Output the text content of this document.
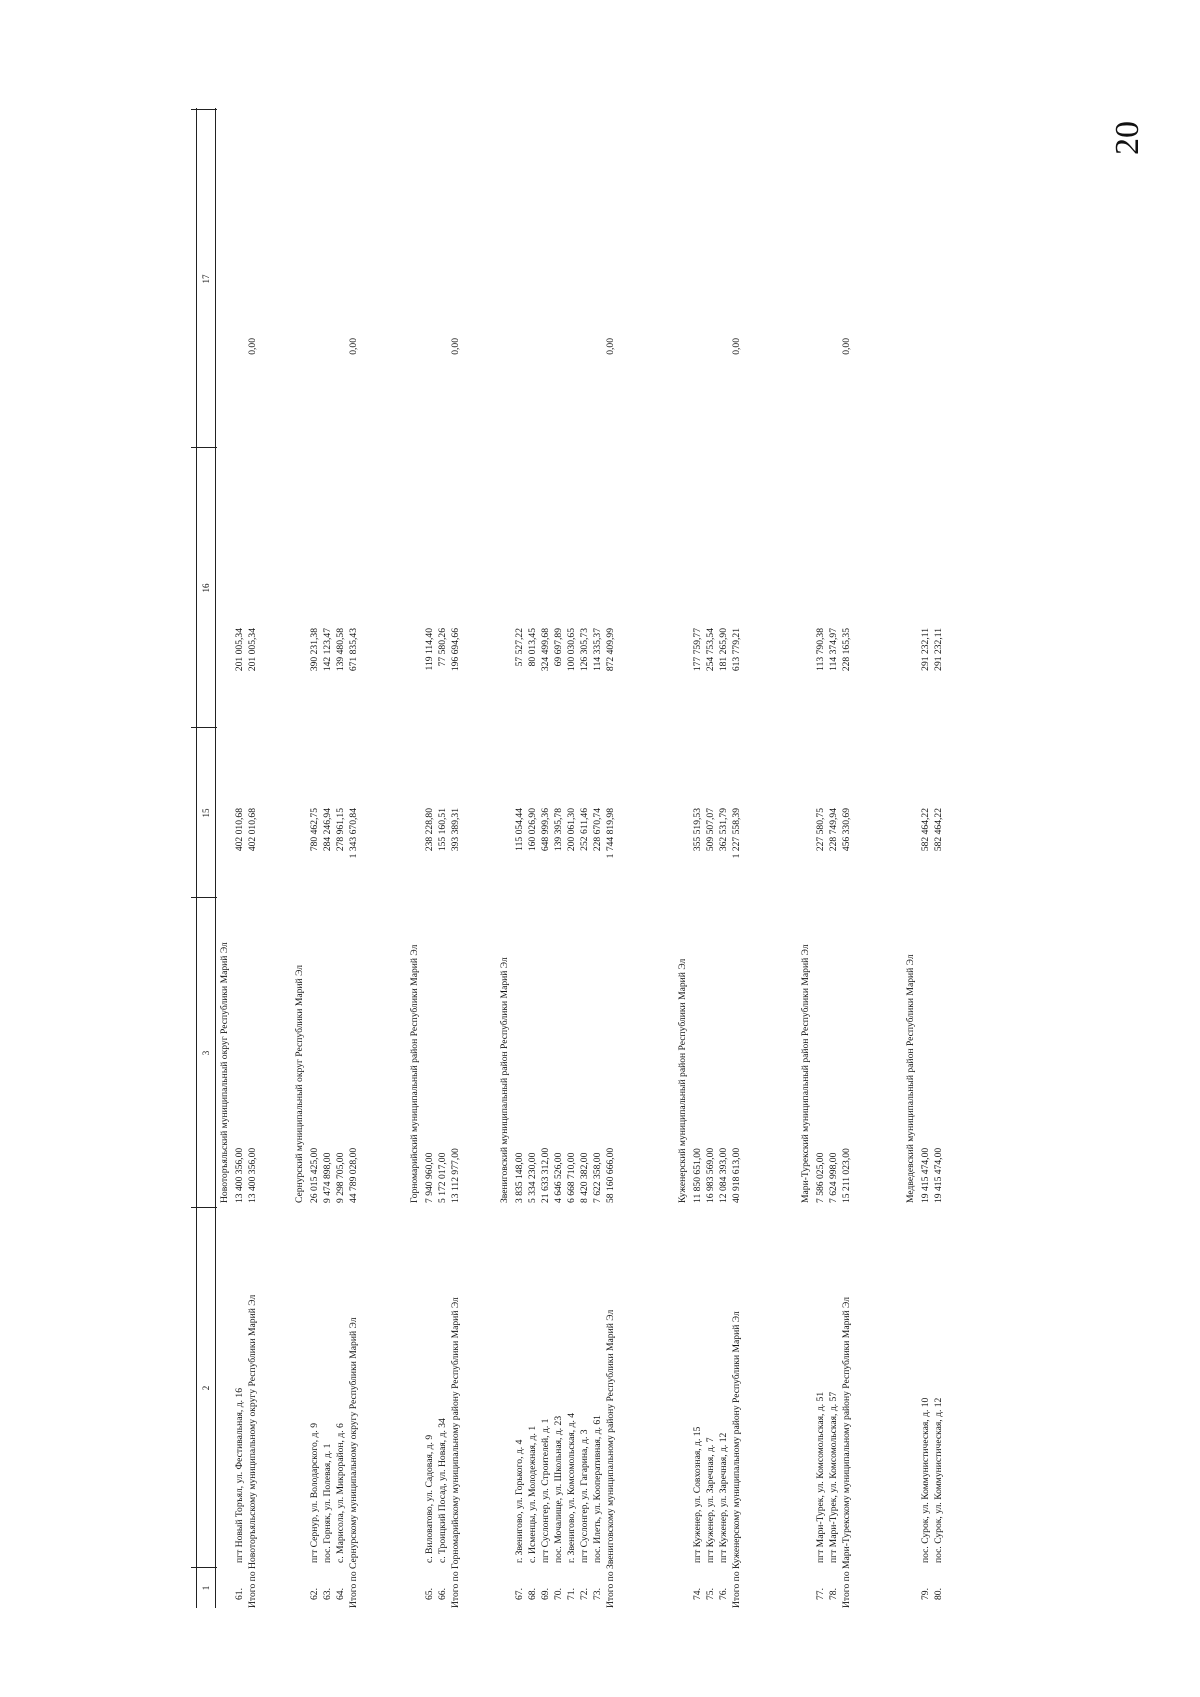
20
1
2
3
15
16
17
Новоторъяльский муниципальный округ Республики Марий Эл
61.
пгт Новый Торъял, ул. Фестивальная, д. 16
13 400 356,00
402 010,68
201 005,34
Итого по Новоторъяльскому муниципальному округу Республики Марий Эл
13 400 356,00
402 010,68
201 005,34
0,00
Сернурский муниципальный округ Республики Марий Эл
62.
пгт Сернур, ул. Володарского, д. 9
26 015 425,00
780 462,75
390 231,38
63.
пос. Горняк, ул. Полевая, д. 1
9 474 898,00
284 246,94
142 123,47
64.
с. Марисола, ул. Микрорайон, д. 6
9 298 705,00
278 961,15
139 480,58
Итого по Сернурскому муниципальному округу Республики Марий Эл
44 789 028,00
1 343 670,84
671 835,43
0,00
Горномарийский муниципальный район Республики Марий Эл
65.
с. Виловатово, ул. Садовая, д. 9
7 940 960,00
238 228,80
119 114,40
66.
с. Троицкий Посад, ул. Новая, д. 34
5 172 017,00
155 160,51
77 580,26
Итого по Горномарийскому муниципальному району Республики Марий Эл
13 112 977,00
393 389,31
196 694,66
0,00
Звениговский муниципальный район Республики Марий Эл
67.
г. Звенигово, ул. Горького, д. 4
3 835 148,00
115 054,44
57 527,22
68.
с. Исменцы, ул. Молодежная, д. 1
5 334 230,00
160 026,90
80 013,45
69.
пгт Суслонгер, ул. Строителей, д. 1
21 633 312,00
648 999,36
324 499,68
70.
пос. Мочалище, ул. Школьная, д. 23
4 646 526,00
139 395,78
69 697,89
71.
г. Звенигово, ул. Комсомольская, д. 4
6 668 710,00
200 061,30
100 030,65
72.
пгт Суслонгер, ул. Гагарина, д. 3
8 420 382,00
252 611,46
126 305,73
73.
пос. Илеть, ул. Кооперативная, д. 61
7 622 358,00
228 670,74
114 335,37
Итого по Звениговскому муниципальному району Республики Марий Эл
58 160 666,00
1 744 819,98
872 409,99
0,00
Куженерский муниципальный район Республики Марий Эл
74.
пгт Куженер, ул. Совхозная, д. 15
11 850 651,00
355 519,53
177 759,77
75.
пгт Куженер, ул. Заречная, д. 7
16 983 569,00
509 507,07
254 753,54
76.
пгт Куженер, ул. Заречная, д. 12
12 084 393,00
362 531,79
181 265,90
Итого по Куженерскому муниципальному району Республики Марий Эл
40 918 613,00
1 227 558,39
613 779,21
0,00
Мари-Турекский муниципальный район Республики Марий Эл
77.
пгт Мари-Турек, ул. Комсомольская, д. 51
7 586 025,00
227 580,75
113 790,38
78.
пгт Мари-Турек, ул. Комсомольская, д. 57
7 624 998,00
228 749,94
114 374,97
Итого по Мари-Турекскому муниципальному району Республики Марий Эл
15 211 023,00
456 330,69
228 165,35
0,00
Медведевский муниципальный район Республики Марий Эл
79.
пос. Сурок, ул. Коммунистическая, д. 10
19 415 474,00
582 464,22
291 232,11
80.
пос. Сурок, ул. Коммунистическая, д. 12
19 415 474,00
582 464,22
291 232,11
